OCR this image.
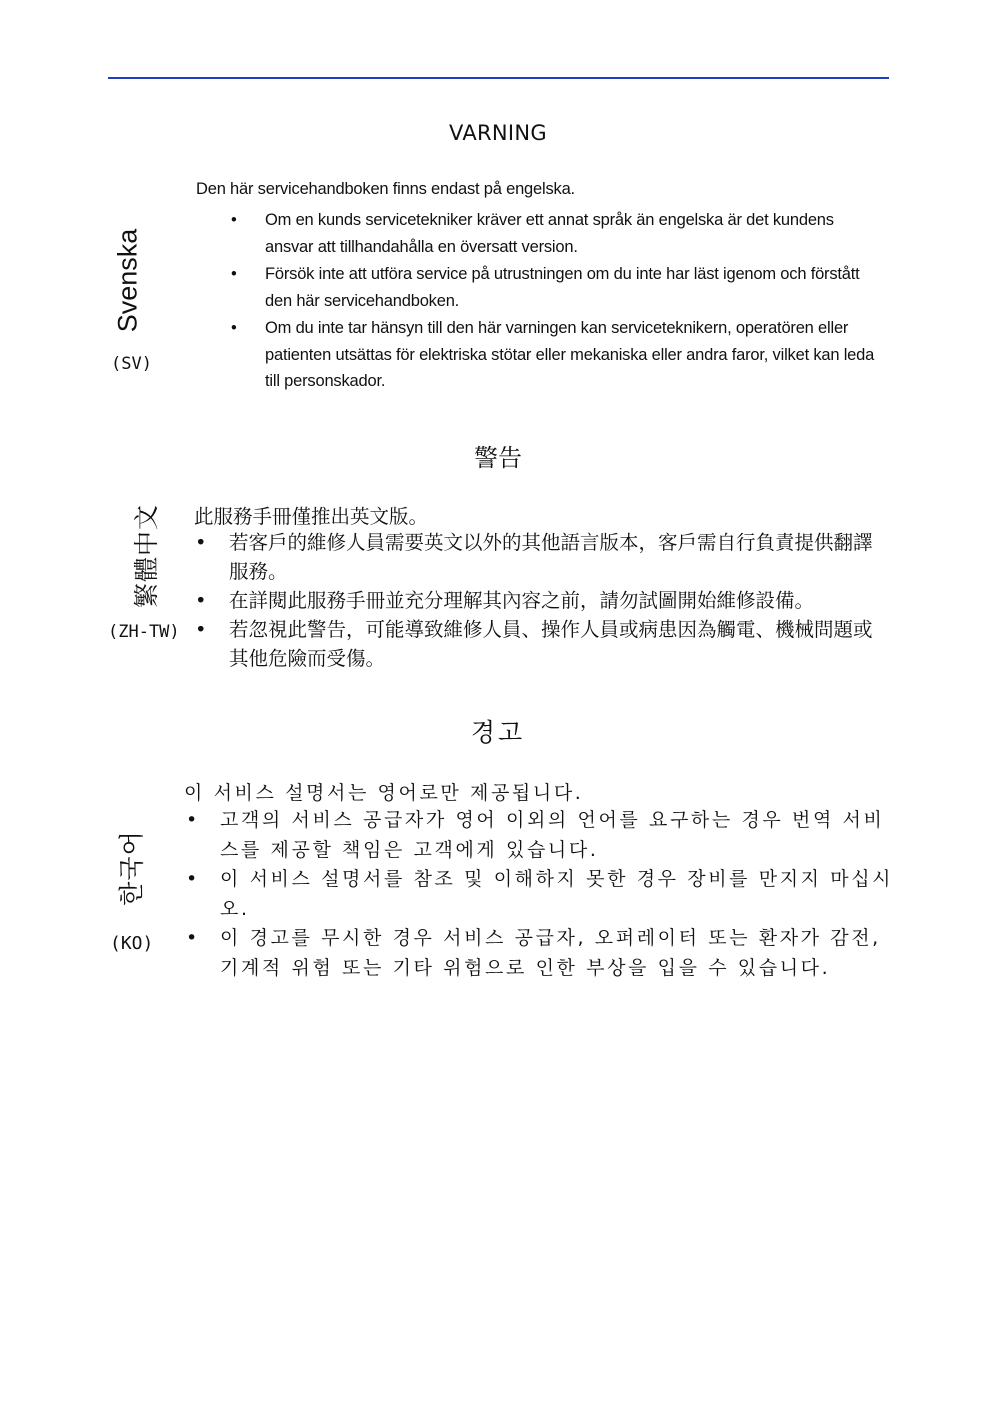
VARNING
Svenska
(SV)
Den här servicehandboken finns endast på engelska.
• Om en kunds servicetekniker kräver ett annat språk än engelska är det kundens ansvar att tillhandahålla en översatt version.
• Försök inte att utföra service på utrustningen om du inte har läst igenom och förstått den här servicehandboken.
• Om du inte tar hänsyn till den här varningen kan serviceteknikern, operatören eller patienten utsättas för elektriska stötar eller mekaniska eller andra faror, vilket kan leda till personskador.
警告
繁體中文
(ZH-TW)
此服務手冊僅推出英文版。
• 若客戶的維修人員需要英文以外的其他語言版本，客戶需自行負責提供翻譯服務。
• 在詳閱此服務手冊並充分理解其內容之前，請勿試圖開始維修設備。
• 若忽視此警告，可能導致維修人員、操作人員或病患因為觸電、機械問題或其他危險而受傷。
경고
한국어
(KO)
이 서비스 설명서는 영어로만 제공됩니다.
• 고객의 서비스 공급자가 영어 이외의 언어를 요구하는 경우 번역 서비스를 제공할 책임은 고객에게 있습니다.
• 이 서비스 설명서를 참조 및 이해하지 못한 경우 장비를 만지지 마십시오.
• 이 경고를 무시한 경우 서비스 공급자, 오퍼레이터 또는 환자가 감전, 기계적 위험 또는 기타 위험으로 인한 부상을 입을 수 있습니다.
